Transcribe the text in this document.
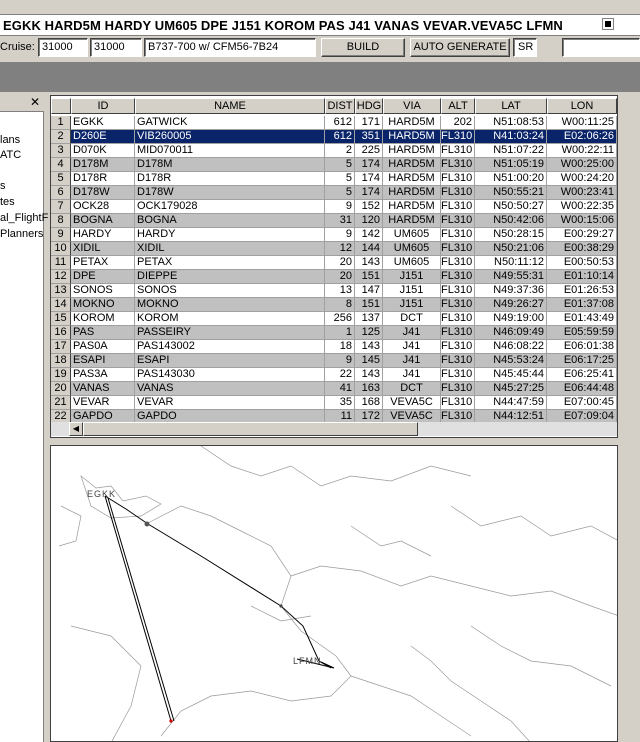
EGKK HARD5M HARDY UM605 DPE J151 KOROM PAS J41 VANAS VEVAR.VEVA5C LFMN
Cruise: 31000	31000	B737-700 w/ CFM56-7B24	BUILD	AUTO GENERATE	SR
✕
lans
ATC
s
tes
al_FlightF
Planners
ID	NAME	DIST HDG	VIA	ALT	LAT	LON
1 EGKK	GATWICK	612 171 HARD5M	202	N51:08:53	W00:11:25
2 D260E	VIB260005	612 351 HARD5M FL310	N41:03:24	E02:06:26
3 D070K	MID070011	2 225 HARD5M FL310	N51:07:22	W00:22:11
4 D178M	D178M	5 174 HARD5M FL310	N51:05:19	W00:25:00
5 D178R	D178R	5 174 HARD5M FL310	N51:00:20	W00:24:20
6 D178W	D178W	5 174 HARD5M FL310	N50:55:21	W00:23:41
7 OCK28	OCK179028	9 152 HARD5M FL310	N50:50:27	W00:22:35
8 BOGNA	BOGNA	31 120 HARD5M FL310	N50:42:06	W00:15:06
9 HARDY	HARDY	9 142	UM605	FL310	N50:28:15	E00:29:27
10 XIDIL	XIDIL	12 144	UM605	FL310	N50:21:06	E00:38:29
11 PETAX	PETAX	20 143	UM605	FL310	N50:11:12	E00:50:53
12 DPE	DIEPPE	20 151	J151	FL310	N49:55:31	E01:10:14
13 SONOS	SONOS	13 147	J151	FL310	N49:37:36	E01:26:53
14 MOKNO	MOKNO	8 151	J151	FL310	N49:26:27	E01:37:08
15 KOROM	KOROM	256 137	DCT	FL310	N49:19:00	E01:43:49
16 PAS	PASSEIRY	1 125	J41	FL310	N46:09:49	E05:59:59
17 PAS0A	PAS143002	18 143	J41	FL310	N46:08:22	E06:01:38
18 ESAPI	ESAPI	9 145	J41	FL310	N45:53:24	E06:17:25
19 PAS3A	PAS143030	22 143	J41	FL310	N45:45:44	E06:25:41
20 VANAS	VANAS	41 163	DCT	FL310	N45:27:25	E06:44:48
21 VEVAR	VEVAR	35 168 VEVA5C FL310	N44:47:59	E07:00:45
22 GAPDO	GAPDO	11 172 VEVA5C FL310	N44:12:51	E07:09:04
◀
EGKK
LFMN
